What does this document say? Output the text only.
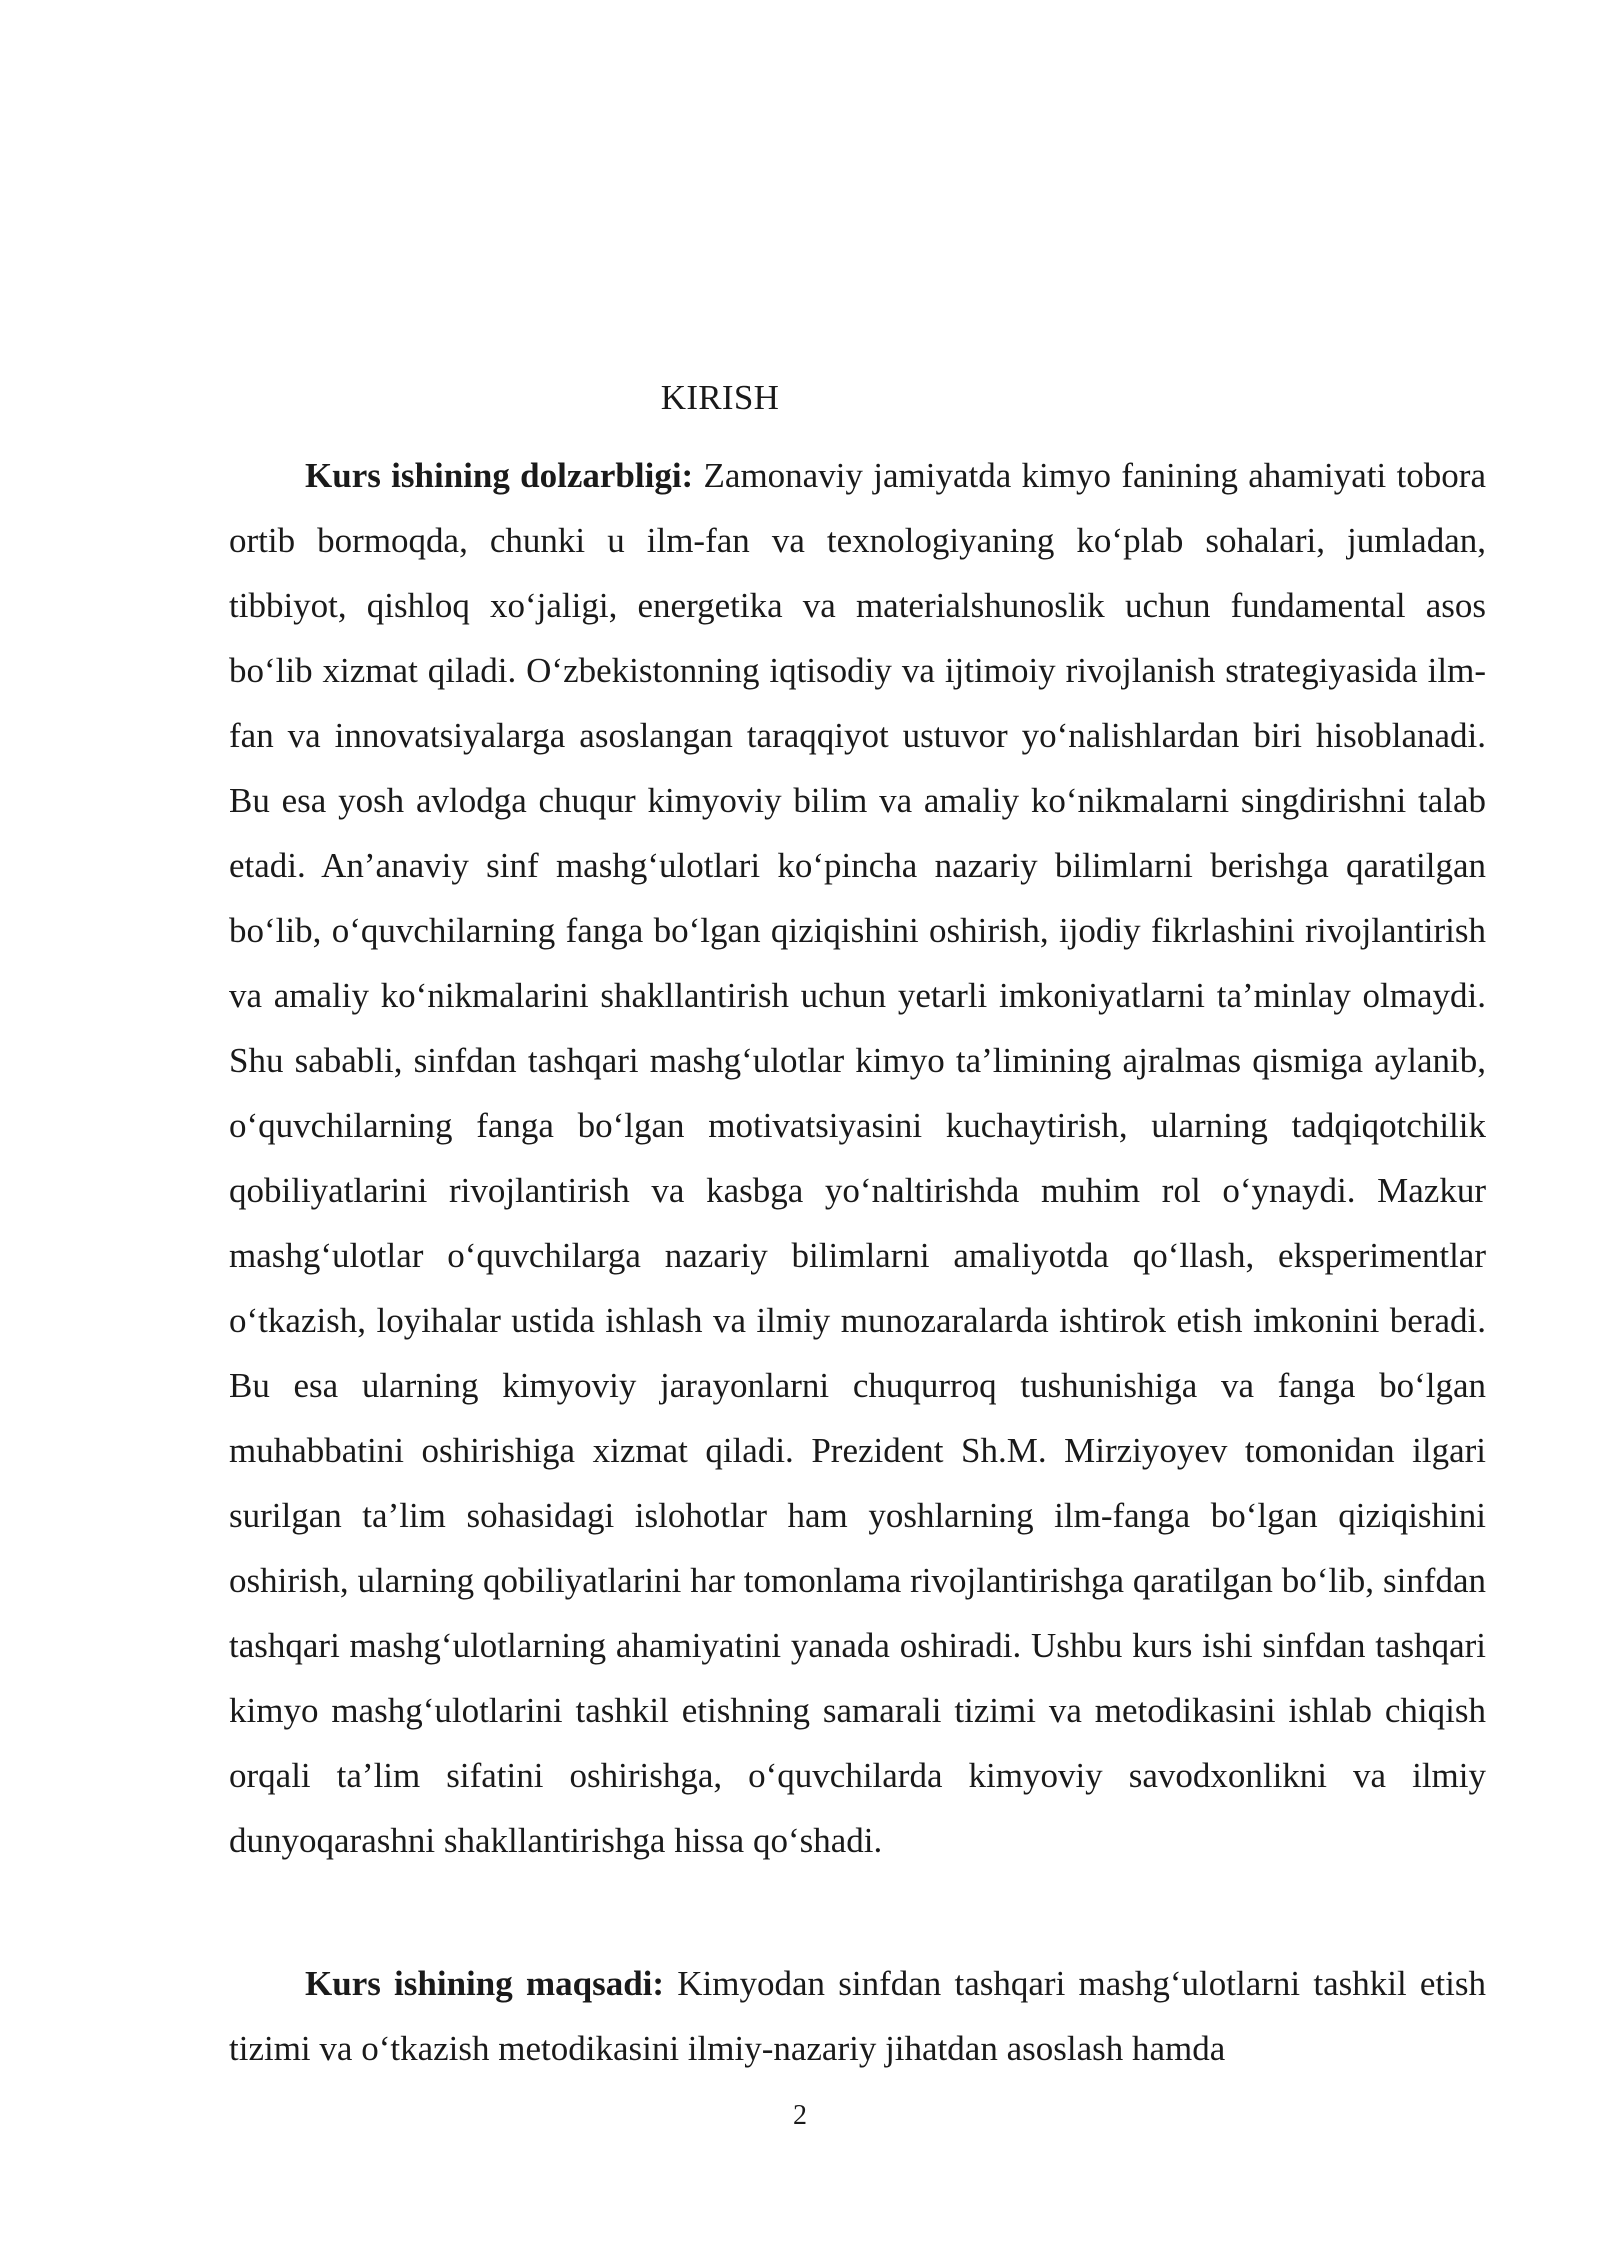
KIRISH

Kurs ishining dolzarbligi: Zamonaviy jamiyatda kimyo fanining ahamiyati tobora ortib bormoqda, chunki u ilm-fan va texnologiyaning ko‘plab sohalari, jumladan, tibbiyot, qishloq xo‘jaligi, energetika va materialshunoslik uchun fundamental asos bo‘lib xizmat qiladi. O‘zbekistonning iqtisodiy va ijtimoiy rivojlanish strategiyasida ilm-fan va innovatsiyalarga asoslangan taraqqiyot ustuvor yo‘nalishlardan biri hisoblanadi. Bu esa yosh avlodga chuqur kimyoviy bilim va amaliy ko‘nikmalarni singdirishni talab etadi. An’anaviy sinf mashg‘ulotlari ko‘pincha nazariy bilimlarni berishga qaratilgan bo‘lib, o‘quvchilarning fanga bo‘lgan qiziqishini oshirish, ijodiy fikrlashini rivojlantirish va amaliy ko‘nikmalarini shakllantirish uchun yetarli imkoniyatlarni ta’minlay olmaydi. Shu sababli, sinfdan tashqari mashg‘ulotlar kimyo ta’limining ajralmas qismiga aylanib, o‘quvchilarning fanga bo‘lgan motivatsiyasini kuchaytirish, ularning tadqiqotchilik qobiliyatlarini rivojlantirish va kasbga yo‘naltirishda muhim rol o‘ynaydi. Mazkur mashg‘ulotlar o‘quvchilarga nazariy bilimlarni amaliyotda qo‘llash, eksperimentlar o‘tkazish, loyihalar ustida ishlash va ilmiy munozaralarda ishtirok etish imkonini beradi. Bu esa ularning kimyoviy jarayonlarni chuqurroq tushunishiga va fanga bo‘lgan muhabbatini oshirishiga xizmat qiladi. Prezident Sh.M. Mirziyoyev tomonidan ilgari surilgan ta’lim sohasidagi islohotlar ham yoshlarning ilm-fanga bo‘lgan qiziqishini oshirish, ularning qobiliyatlarini har tomonlama rivojlantirishga qaratilgan bo‘lib, sinfdan tashqari mashg‘ulotlarning ahamiyatini yanada oshiradi. Ushbu kurs ishi sinfdan tashqari kimyo mashg‘ulotlarini tashkil etishning samarali tizimi va metodikasini ishlab chiqish orqali ta’lim sifatini oshirishga, o‘quvchilarda kimyoviy savodxonlikni va ilmiy dunyoqarashni shakllantirishga hissa qo‘shadi.

Kurs ishining maqsadi: Kimyodan sinfdan tashqari mashg‘ulotlarni tashkil etish tizimi va o‘tkazish metodikasini ilmiy-nazariy jihatdan asoslash hamda

2
